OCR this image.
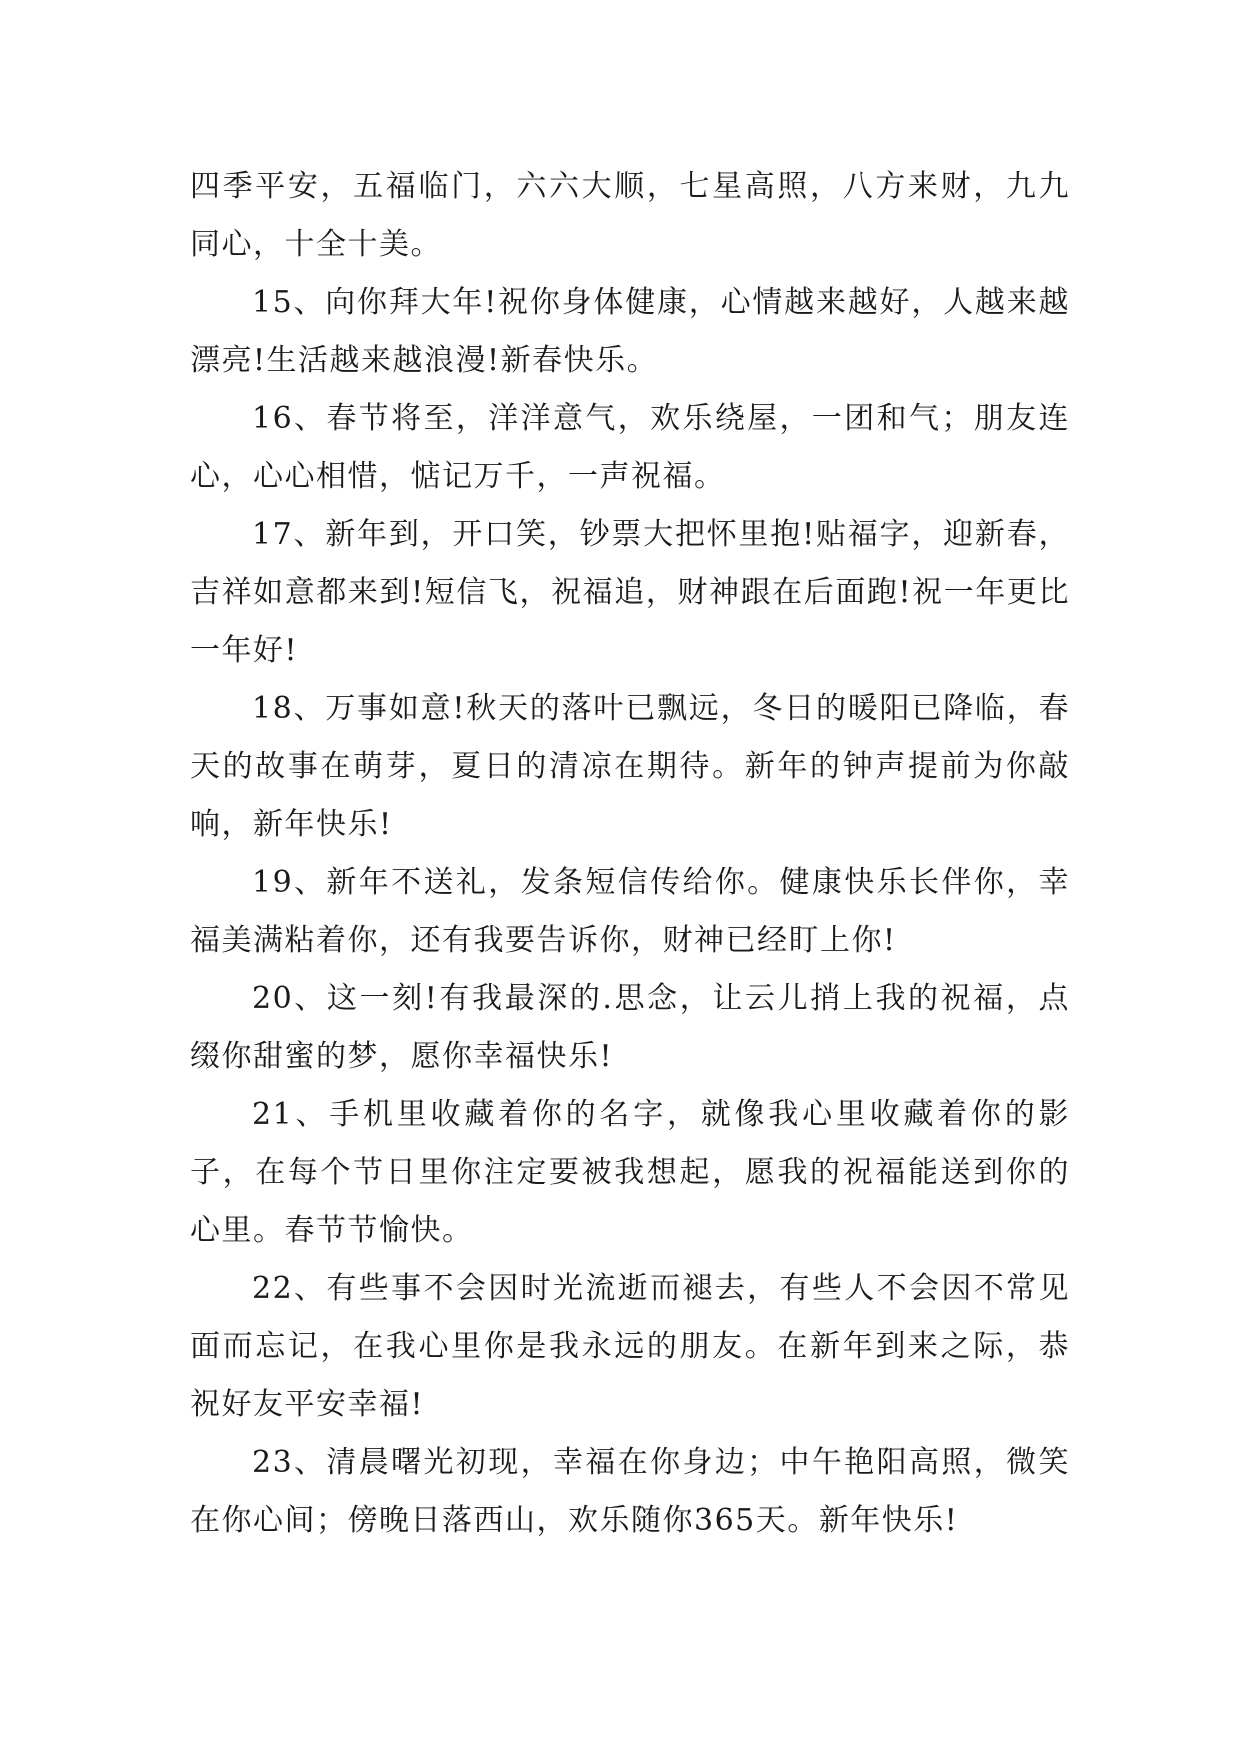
四季平安，五福临门，六六大顺，七星高照，八方来财，九九同心，十全十美。

15、向你拜大年!祝你身体健康，心情越来越好，人越来越漂亮!生活越来越浪漫!新春快乐。

16、春节将至，洋洋意气，欢乐绕屋，一团和气；朋友连心，心心相惜，惦记万千，一声祝福。

17、新年到，开口笑，钞票大把怀里抱!贴福字，迎新春，吉祥如意都来到!短信飞，祝福追，财神跟在后面跑!祝一年更比一年好!

18、万事如意!秋天的落叶已飘远，冬日的暖阳已降临，春天的故事在萌芽，夏日的清凉在期待。新年的钟声提前为你敲响，新年快乐!

19、新年不送礼，发条短信传给你。健康快乐长伴你，幸福美满粘着你，还有我要告诉你，财神已经盯上你!

20、这一刻!有我最深的.思念，让云儿捎上我的祝福，点缀你甜蜜的梦，愿你幸福快乐!

21、手机里收藏着你的名字，就像我心里收藏着你的影子，在每个节日里你注定要被我想起，愿我的祝福能送到你的心里。春节节愉快。

22、有些事不会因时光流逝而褪去，有些人不会因不常见面而忘记，在我心里你是我永远的朋友。在新年到来之际，恭祝好友平安幸福!

23、清晨曙光初现，幸福在你身边；中午艳阳高照，微笑在你心间；傍晚日落西山，欢乐随你365天。新年快乐!
